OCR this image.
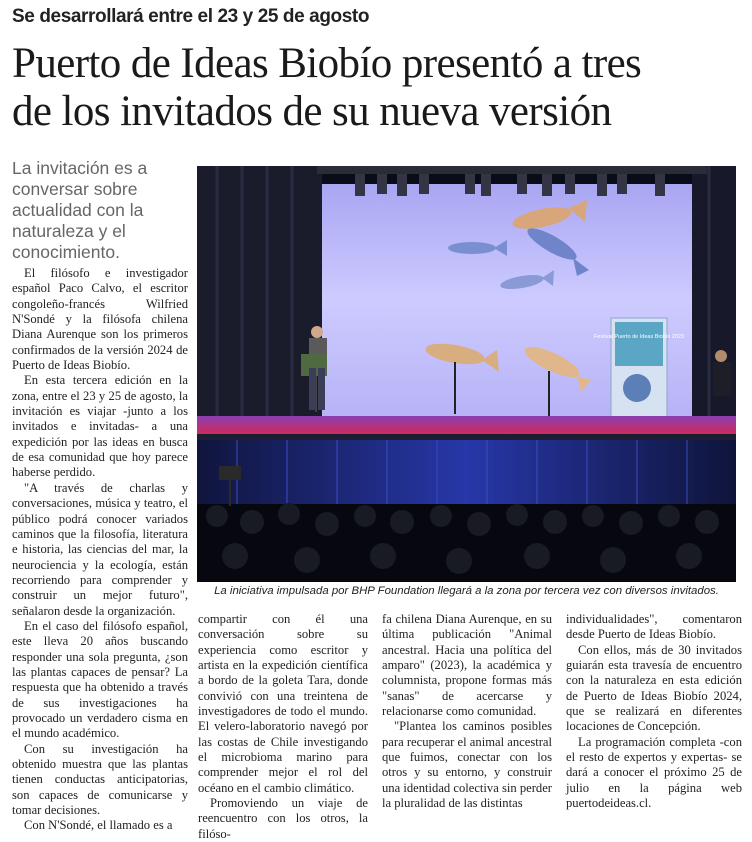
Se desarrollará entre el 23 y 25 de agosto
Puerto de Ideas Biobío presentó a tres
de los invitados de su nueva versión
La invitación es a conversar sobre actualidad con la naturaleza y el conocimiento.

El filósofo e investigador español Paco Calvo, el escritor congoleño-francés Wilfried N'Sondé y la filósofa chilena Diana Aurenque son los primeros confirmados de la versión 2024 de Puerto de Ideas Biobío.

En esta tercera edición en la zona, entre el 23 y 25 de agosto, la invitación es viajar -junto a los invitados e invitadas- a una expedición por las ideas en busca de esa comunidad que hoy parece haberse perdido.

"A través de charlas y conversaciones, música y teatro, el público podrá conocer variados caminos que la filosofía, literatura e historia, las ciencias del mar, la neurociencia y la ecología, están recorriendo para comprender y construir un mejor futuro", señalaron desde la organización.

En el caso del filósofo español, este lleva 20 años buscando responder una sola pregunta, ¿son las plantas capaces de pensar? La respuesta que ha obtenido a través de sus investigaciones ha provocado un verdadero cisma en el mundo académico.

Con su investigación ha obtenido muestra que las plantas tienen conductas anticipatorias, son capaces de comunicarse y tomar decisiones.

Con N'Sondé, el llamado es a

Festival Puerto de Ideas Biobío 2023
La iniciativa impulsada por BHP Foundation llegará a la zona por tercera vez con diversos invitados.

compartir con él una conversación sobre su experiencia como escritor y artista en la expedición científica a bordo de la goleta Tara, donde convivió con una treintena de investigadores de todo el mundo. El velero-laboratorio navegó por las costas de Chile investigando el microbioma marino para comprender mejor el rol del océano en el cambio climático.

Promoviendo un viaje de reencuentro con los otros, la filóso-

fa chilena Diana Aurenque, en su última publicación "Animal ancestral. Hacia una política del amparo" (2023), la académica y columnista, propone formas más "sanas" de acercarse y relacionarse como comunidad.

"Plantea los caminos posibles para recuperar el animal ancestral que fuimos, conectar con los otros y su entorno, y construir una identidad colectiva sin perder la pluralidad de las distintas

individualidades", comentaron desde Puerto de Ideas Biobío.

Con ellos, más de 30 invitados guiarán esta travesía de encuentro con la naturaleza en esta edición de Puerto de Ideas Biobío 2024, que se realizará en diferentes locaciones de Concepción.

La programación completa -con el resto de expertos y expertas- se dará a conocer el próximo 25 de julio en la página web puertodeideas.cl.
